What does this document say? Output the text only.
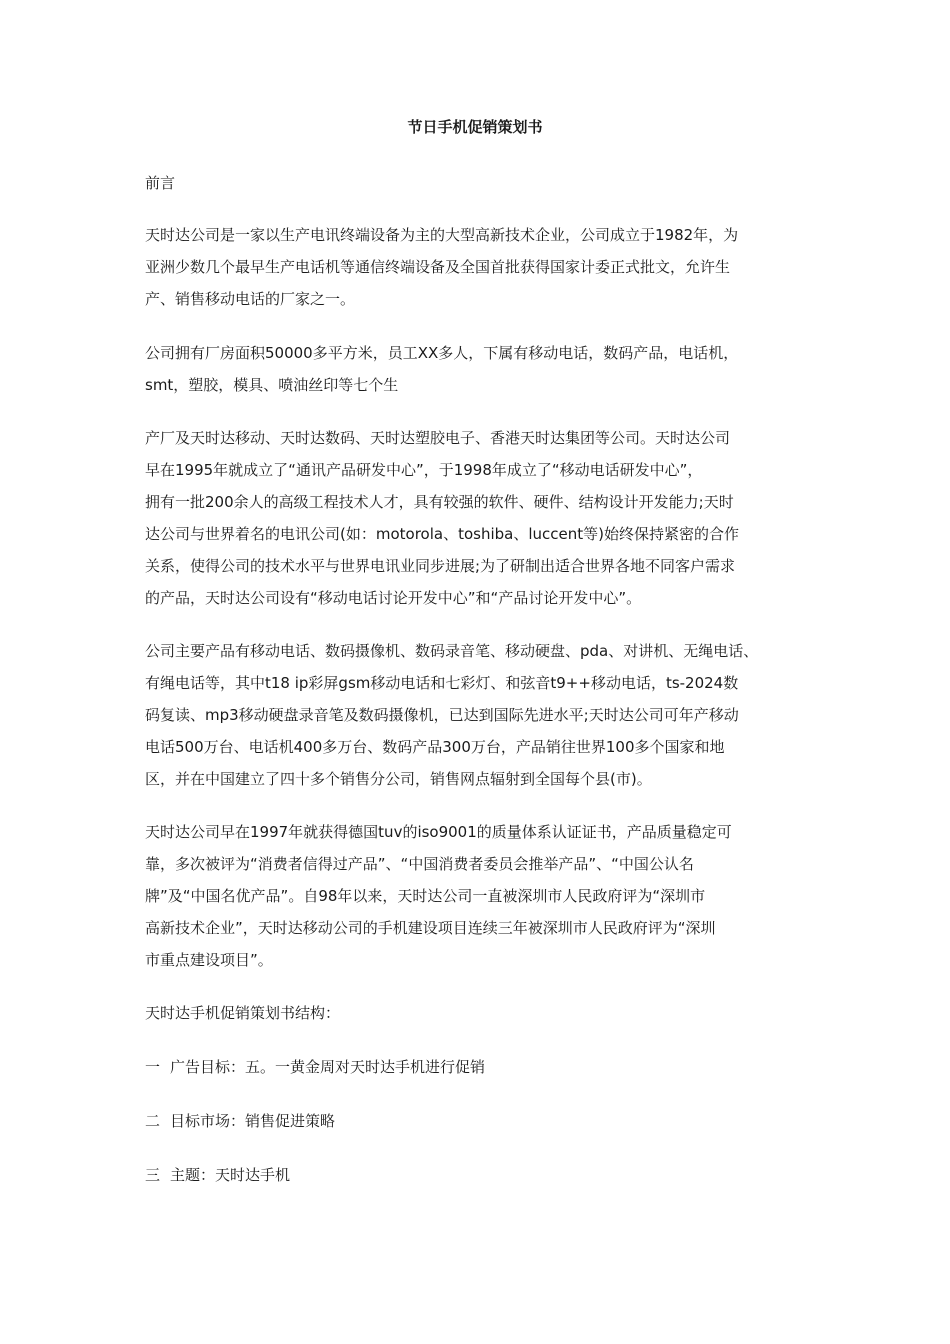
节日手机促销策划书
前言
天时达公司是一家以生产电讯终端设备为主的大型高新技术企业，公司成立于1982年，为
亚洲少数几个最早生产电话机等通信终端设备及全国首批获得国家计委正式批文，允许生
产、销售移动电话的厂家之一。
公司拥有厂房面积50000多平方米，员工XX多人，下属有移动电话，数码产品，电话机，
smt，塑胶，模具、喷油丝印等七个生
产厂及天时达移动、天时达数码、天时达塑胶电子、香港天时达集团等公司。天时达公司
早在1995年就成立了“通讯产品研发中心”，于1998年成立了“移动电话研发中心”，
拥有一批200余人的高级工程技术人才，具有较强的软件、硬件、结构设计开发能力;天时
达公司与世界着名的电讯公司(如：motorola、toshiba、luccent等)始终保持紧密的合作
关系，使得公司的技术水平与世界电讯业同步进展;为了研制出适合世界各地不同客户需求
的产品，天时达公司设有“移动电话讨论开发中心”和“产品讨论开发中心”。
公司主要产品有移动电话、数码摄像机、数码录音笔、移动硬盘、pda、对讲机、无绳电话、
有绳电话等，其中t18 ip彩屏gsm移动电话和七彩灯、和弦音t9++移动电话，ts-2024数
码复读、mp3移动硬盘录音笔及数码摄像机，已达到国际先进水平;天时达公司可年产移动
电话500万台、电话机400多万台、数码产品300万台，产品销往世界100多个国家和地
区，并在中国建立了四十多个销售分公司，销售网点辐射到全国每个县(市)。
天时达公司早在1997年就获得德国tuv的iso9001的质量体系认证证书，产品质量稳定可
靠，多次被评为“消费者信得过产品”、“中国消费者委员会推举产品”、“中国公认名
牌”及“中国名优产品”。自98年以来，天时达公司一直被深圳市人民政府评为“深圳市
高新技术企业”，天时达移动公司的手机建设项目连续三年被深圳市人民政府评为“深圳
市重点建设项目”。
天时达手机促销策划书结构：
一 广告目标：五。一黄金周对天时达手机进行促销
二 目标市场：销售促进策略
三 主题：天时达手机
